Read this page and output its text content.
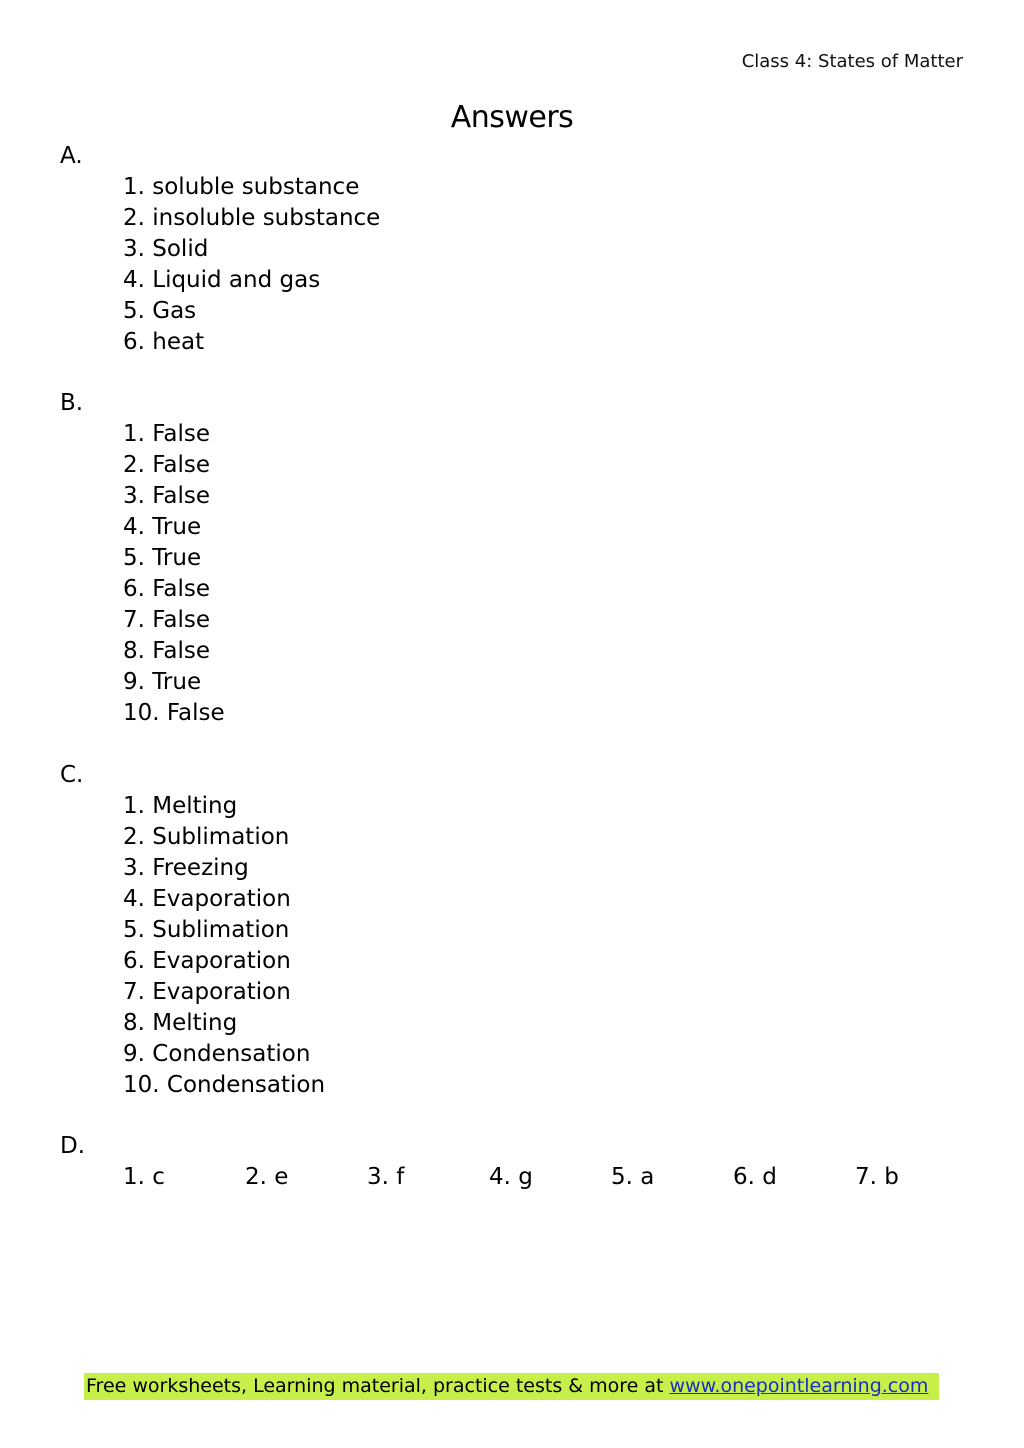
Class 4: States of Matter
Answers
A.
1. soluble substance
2. insoluble substance
3. Solid
4. Liquid and gas
5. Gas
6. heat
B.
1. False
2. False
3. False
4. True
5. True
6. False
7. False
8. False
9. True
10. False
C.
1. Melting
2. Sublimation
3. Freezing
4. Evaporation
5. Sublimation
6. Evaporation
7. Evaporation
8. Melting
9. Condensation
10. Condensation
D.
1. c	2. e	3. f	4. g	5. a	6. d	7. b
Free worksheets, Learning material, practice tests & more at www.onepointlearning.com
